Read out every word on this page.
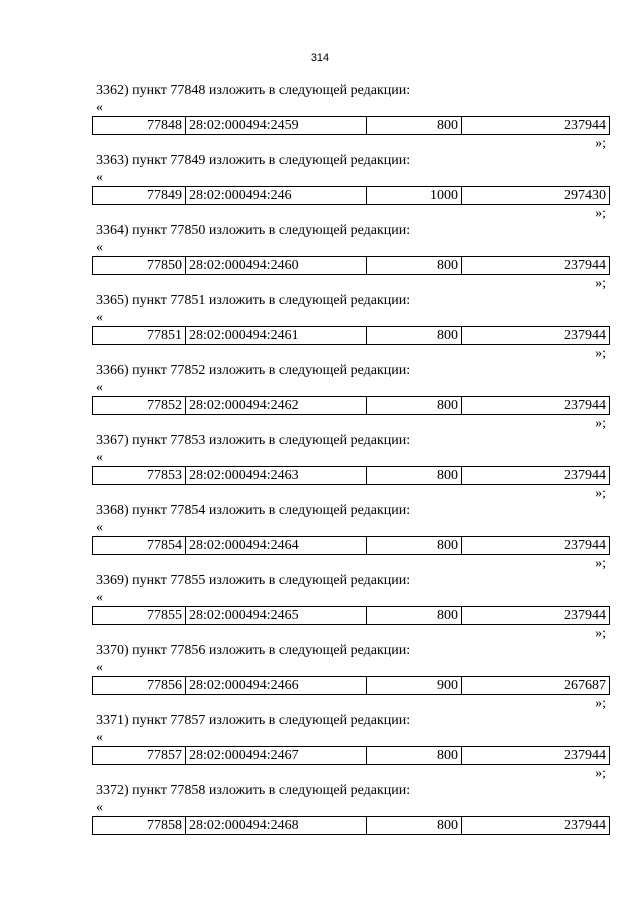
314
3362) пункт 77848 изложить в следующей редакции:
«
77848	28:02:000494:2459	800	237944
»;
3363) пункт 77849 изложить в следующей редакции:
«
77849	28:02:000494:246	1000	297430
»;
3364) пункт 77850 изложить в следующей редакции:
«
77850	28:02:000494:2460	800	237944
»;
3365) пункт 77851 изложить в следующей редакции:
«
77851	28:02:000494:2461	800	237944
»;
3366) пункт 77852 изложить в следующей редакции:
«
77852	28:02:000494:2462	800	237944
»;
3367) пункт 77853 изложить в следующей редакции:
«
77853	28:02:000494:2463	800	237944
»;
3368) пункт 77854 изложить в следующей редакции:
«
77854	28:02:000494:2464	800	237944
»;
3369) пункт 77855 изложить в следующей редакции:
«
77855	28:02:000494:2465	800	237944
»;
3370) пункт 77856 изложить в следующей редакции:
«
77856	28:02:000494:2466	900	267687
»;
3371) пункт 77857 изложить в следующей редакции:
«
77857	28:02:000494:2467	800	237944
»;
3372) пункт 77858 изложить в следующей редакции:
«
77858	28:02:000494:2468	800	237944
